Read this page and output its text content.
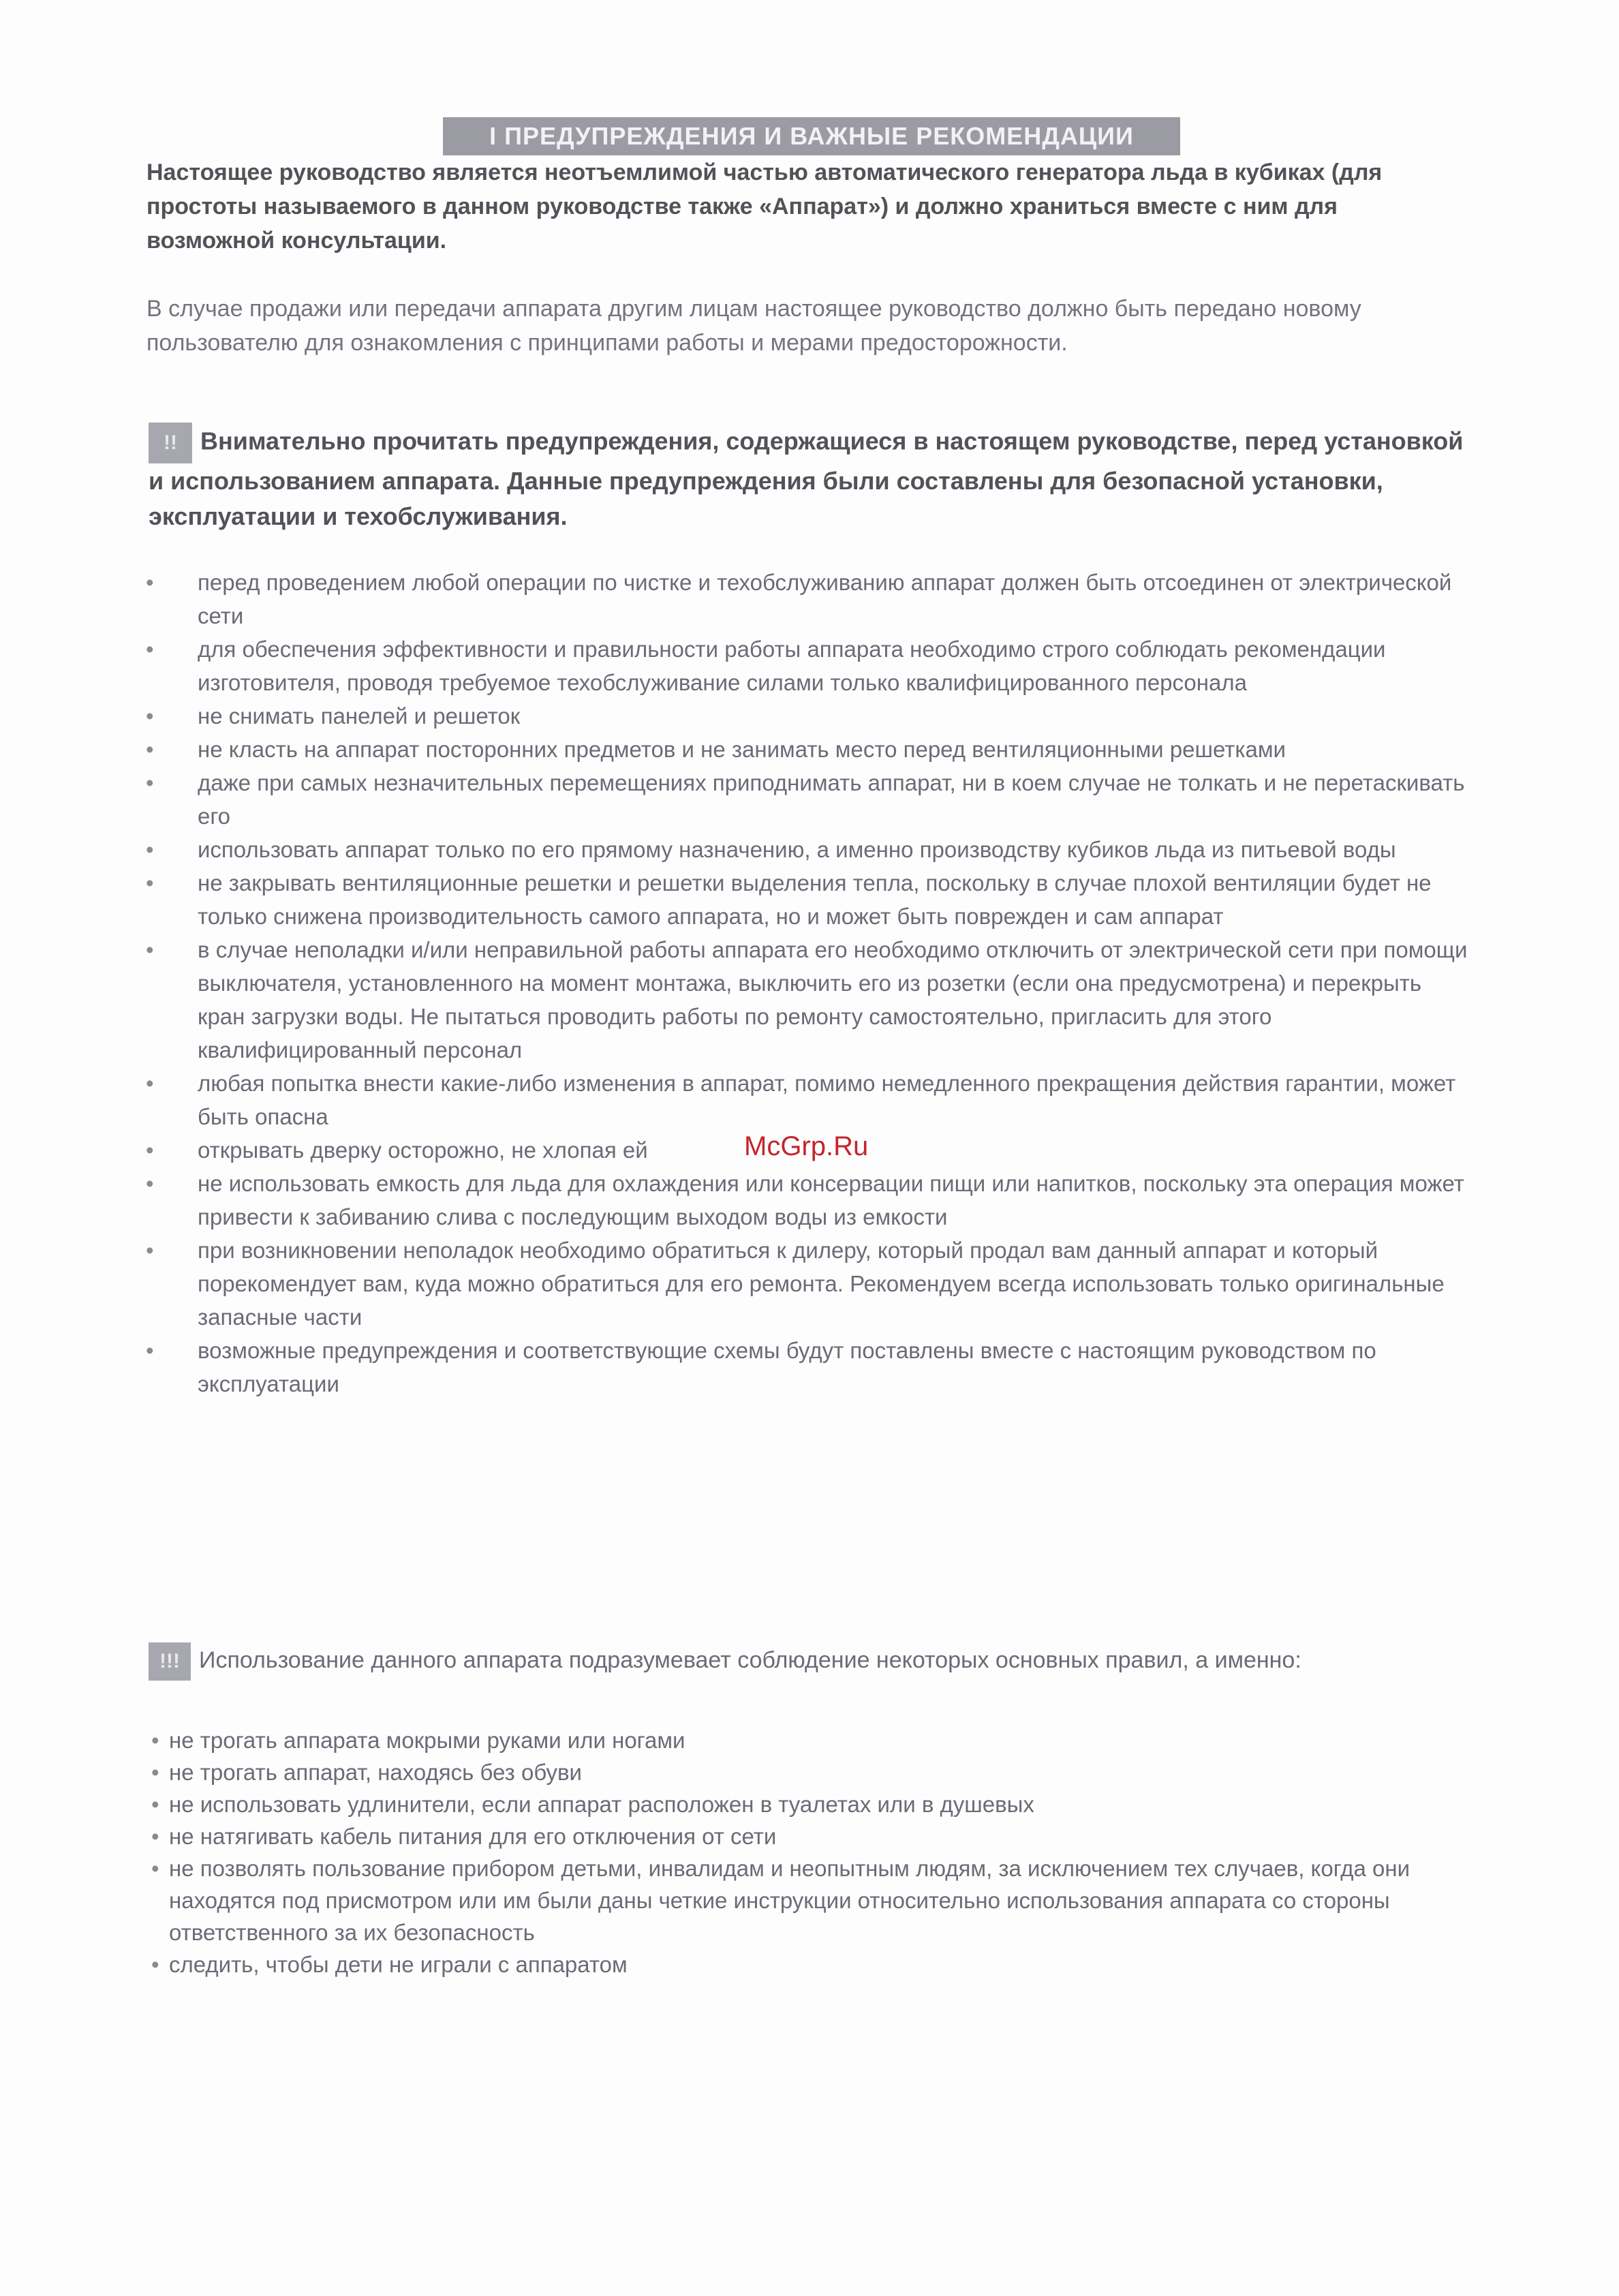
I ПРЕДУПРЕЖДЕНИЯ И ВАЖНЫЕ РЕКОМЕНДАЦИИ
Настоящее руководство является неотъемлимой частью автоматического генератора льда в кубиках (для простоты называемого в данном руководстве также «Аппарат») и должно храниться вместе с ним для возможной консультации.
В случае продажи или передачи аппарата другим лицам настоящее руководство должно быть передано новому пользователю для ознакомления с принципами работы и мерами предосторожности.
!! Внимательно прочитать предупреждения, содержащиеся в настоящем руководстве, перед установкой и использованием аппарата. Данные предупреждения были составлены для безопасной установки, эксплуатации и техобслуживания.
• перед проведением любой операции по чистке и техобслуживанию аппарат должен быть отсоединен от электрической сети
• для обеспечения эффективности и правильности работы аппарата необходимо строго соблюдать рекомендации изготовителя, проводя требуемое техобслуживание силами только квалифицированного персонала
• не снимать панелей и решеток
• не класть на аппарат посторонних предметов и не занимать место перед вентиляционными решетками
• даже при самых незначительных перемещениях приподнимать аппарат, ни в коем случае не толкать и не перетаскивать его
• использовать аппарат только по его прямому назначению, а именно производству кубиков льда из питьевой воды
• не закрывать вентиляционные решетки и решетки выделения тепла, поскольку в случае плохой вентиляции будет не только снижена производительность самого аппарата, но и может быть поврежден и сам аппарат
• в случае неполадки и/или неправильной работы аппарата его необходимо отключить от электрической сети при помощи выключателя, установленного на момент монтажа, выключить его из розетки (если она предусмотрена) и перекрыть кран загрузки воды. Не пытаться проводить работы по ремонту самостоятельно, пригласить для этого квалифицированный персонал
• любая попытка внести какие-либо изменения в аппарат, помимо немедленного прекращения действия гарантии, может быть опасна
• открывать дверку осторожно, не хлопая ей
• не использовать емкость для льда для охлаждения или консервации пищи или напитков, поскольку эта операция может привести к забиванию слива с последующим выходом воды из емкости
• при возникновении неполадок необходимо обратиться к дилеру, который продал вам данный аппарат и который порекомендует вам, куда можно обратиться для его ремонта. Рекомендуем всегда использовать только оригинальные запасные части
• возможные предупреждения и соответствующие схемы будут поставлены вместе с настоящим руководством по эксплуатации
!!! Использование данного аппарата подразумевает соблюдение некоторых основных правил, а именно:
• не трогать аппарата мокрыми руками или ногами
• не трогать аппарат, находясь без обуви
• не использовать удлинители, если аппарат расположен в туалетах или в душевых
• не натягивать кабель питания для его отключения от сети
• не позволять пользование прибором детьми, инвалидам и неопытным людям, за исключением тех случаев, когда они находятся под присмотром или им были даны четкие инструкции относительно использования аппарата со стороны ответственного за их безопасность
• следить, чтобы дети не играли с аппаратом
McGrp.Ru
